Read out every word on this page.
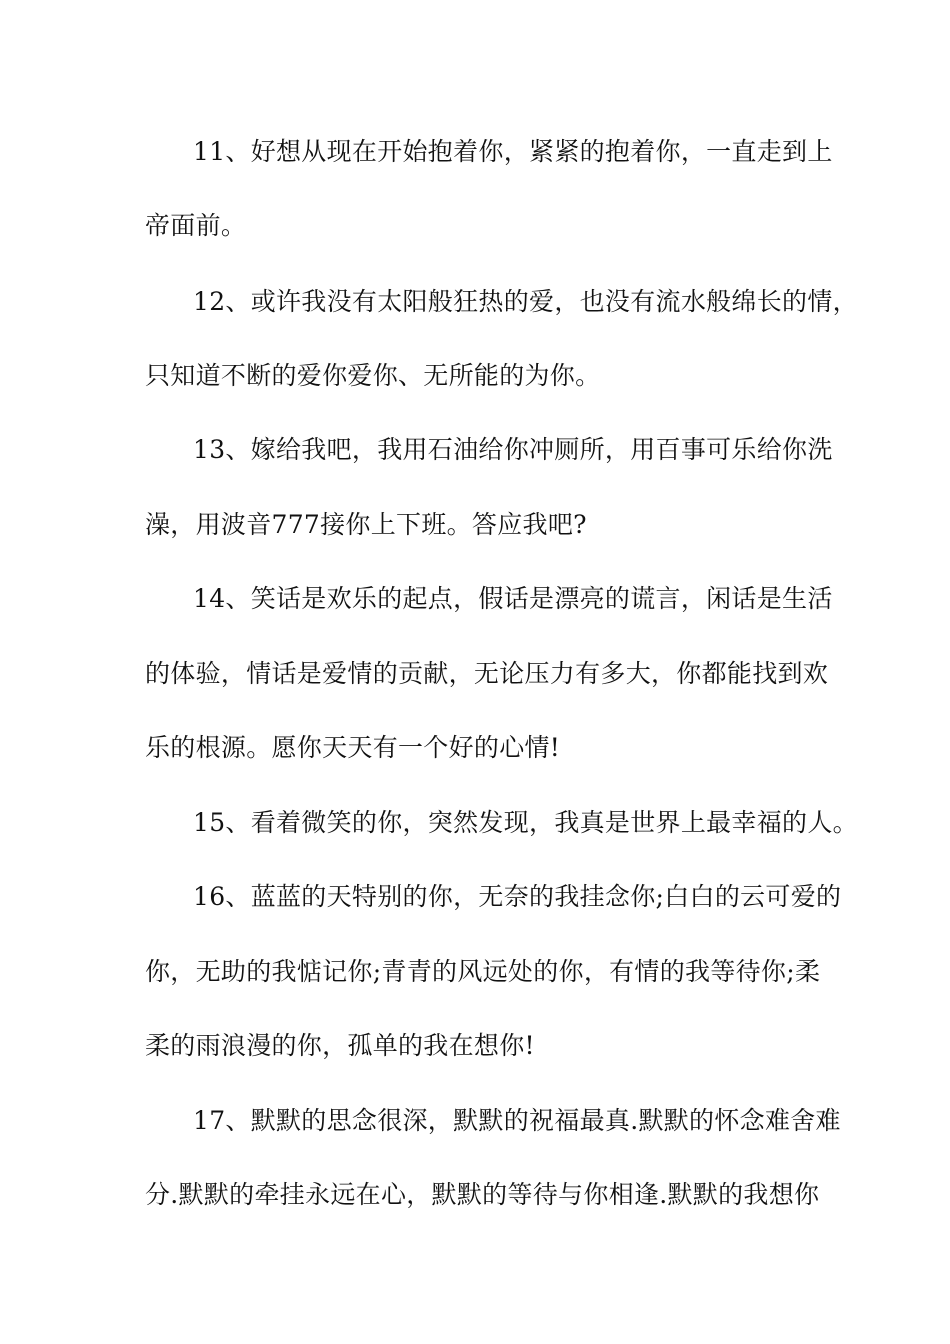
11、好想从现在开始抱着你，紧紧的抱着你，一直走到上

帝面前。

12、或许我没有太阳般狂热的爱，也没有流水般绵长的情，

只知道不断的爱你爱你、无所能的为你。

13、嫁给我吧，我用石油给你冲厕所，用百事可乐给你洗

澡，用波音777接你上下班。答应我吧?

14、笑话是欢乐的起点，假话是漂亮的谎言，闲话是生活

的体验，情话是爱情的贡献，无论压力有多大，你都能找到欢

乐的根源。愿你天天有一个好的心情!

15、看着微笑的你，突然发现，我真是世界上最幸福的人。

16、蓝蓝的天特别的你，无奈的我挂念你;白白的云可爱的

你，无助的我惦记你;青青的风远处的你，有情的我等待你;柔

柔的雨浪漫的你，孤单的我在想你!

17、默默的思念很深，默默的祝福最真.默默的怀念难舍难

分.默默的牵挂永远在心，默默的等待与你相逢.默默的我想你
